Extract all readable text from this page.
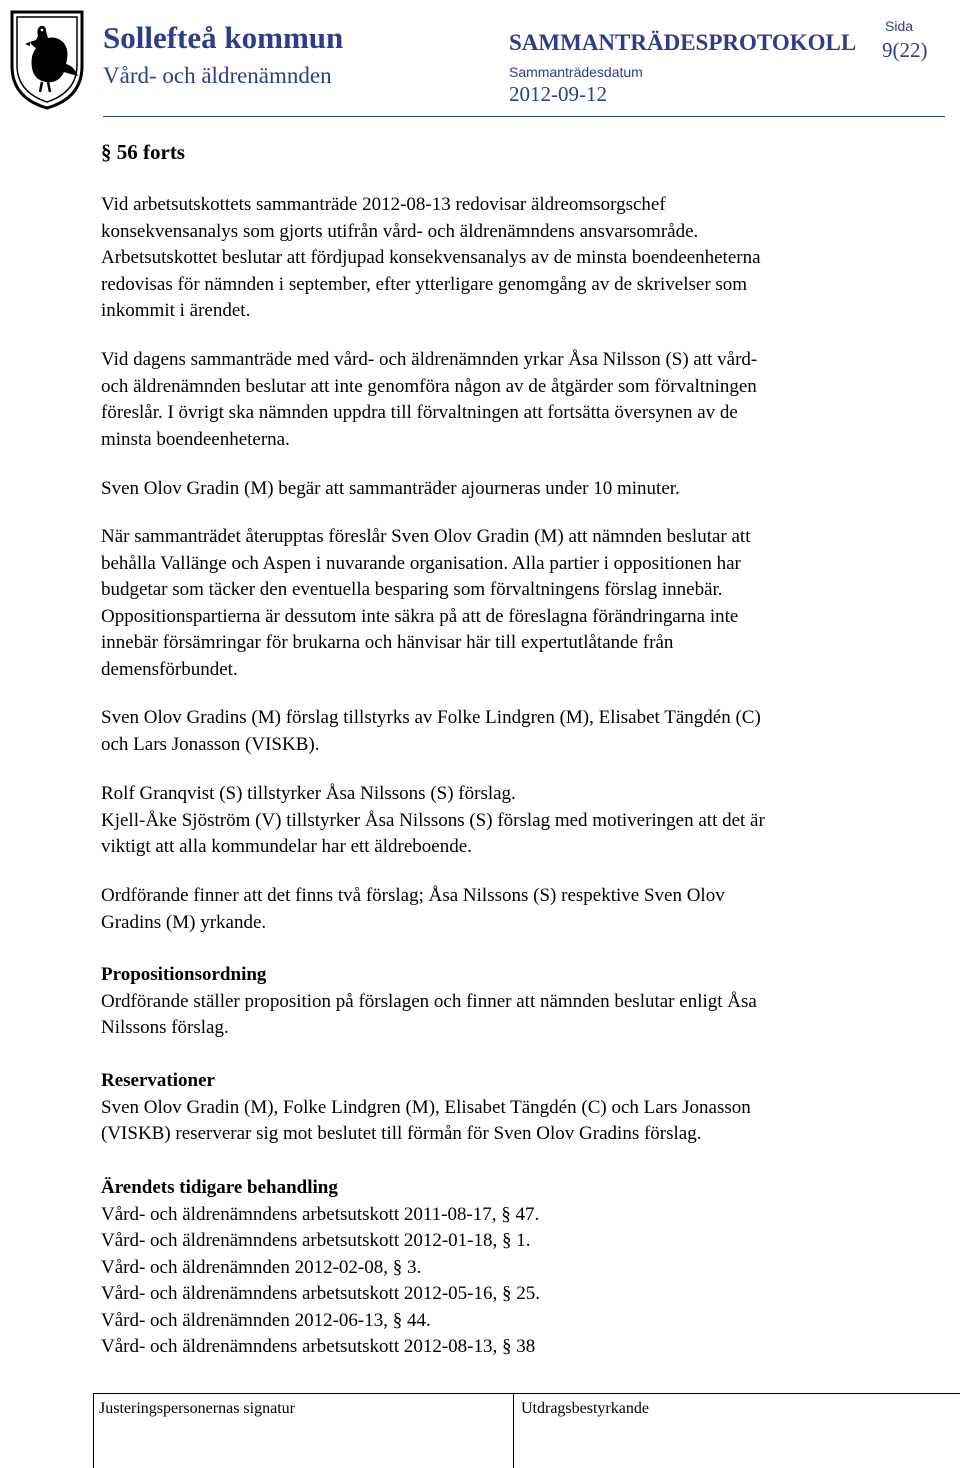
Sollefteå kommun
Vård- och äldrenämnden
SAMMANTRÄDESPROTOKOLL
Sammanträdesdatum
2012-09-12
Sida
9(22)
§ 56 forts

Vid arbetsutskottets sammanträde 2012-08-13 redovisar äldreomsorgschef
konsekvensanalys som gjorts utifrån vård- och äldrenämndens ansvarsområde.
Arbetsutskottet beslutar att fördjupad konsekvensanalys av de minsta boendeenheterna
redovisas för nämnden i september, efter ytterligare genomgång av de skrivelser som
inkommit i ärendet.

Vid dagens sammanträde med vård- och äldrenämnden yrkar Åsa Nilsson (S) att vård-
och äldrenämnden beslutar att inte genomföra någon av de åtgärder som förvaltningen
föreslår. I övrigt ska nämnden uppdra till förvaltningen att fortsätta översynen av de
minsta boendeenheterna.

Sven Olov Gradin (M) begär att sammanträder ajourneras under 10 minuter.

När sammanträdet återupptas föreslår Sven Olov Gradin (M) att nämnden beslutar att
behålla Vallänge och Aspen i nuvarande organisation. Alla partier i oppositionen har
budgetar som täcker den eventuella besparing som förvaltningens förslag innebär.
Oppositionspartierna är dessutom inte säkra på att de föreslagna förändringarna inte
innebär försämringar för brukarna och hänvisar här till expertutlåtande från
demensförbundet.

Sven Olov Gradins (M) förslag tillstyrks av Folke Lindgren (M), Elisabet Tängdén (C)
och Lars Jonasson (VISKB).

Rolf Granqvist (S) tillstyrker Åsa Nilssons (S) förslag.
Kjell-Åke Sjöström (V) tillstyrker Åsa Nilssons (S) förslag med motiveringen att det är
viktigt att alla kommundelar har ett äldreboende.

Ordförande finner att det finns två förslag; Åsa Nilssons (S) respektive Sven Olov
Gradins (M) yrkande.

Propositionsordning
Ordförande ställer proposition på förslagen och finner att nämnden beslutar enligt Åsa
Nilssons förslag.

Reservationer
Sven Olov Gradin (M), Folke Lindgren (M), Elisabet Tängdén (C) och Lars Jonasson
(VISKB) reserverar sig mot beslutet till förmån för Sven Olov Gradins förslag.

Ärendets tidigare behandling
Vård- och äldrenämndens arbetsutskott 2011-08-17, § 47.
Vård- och äldrenämndens arbetsutskott 2012-01-18, § 1.
Vård- och äldrenämnden 2012-02-08, § 3.
Vård- och äldrenämndens arbetsutskott 2012-05-16, § 25.
Vård- och äldrenämnden 2012-06-13, § 44.
Vård- och äldrenämndens arbetsutskott 2012-08-13, § 38

Justeringspersonernas signatur	Utdragsbestyrkande
